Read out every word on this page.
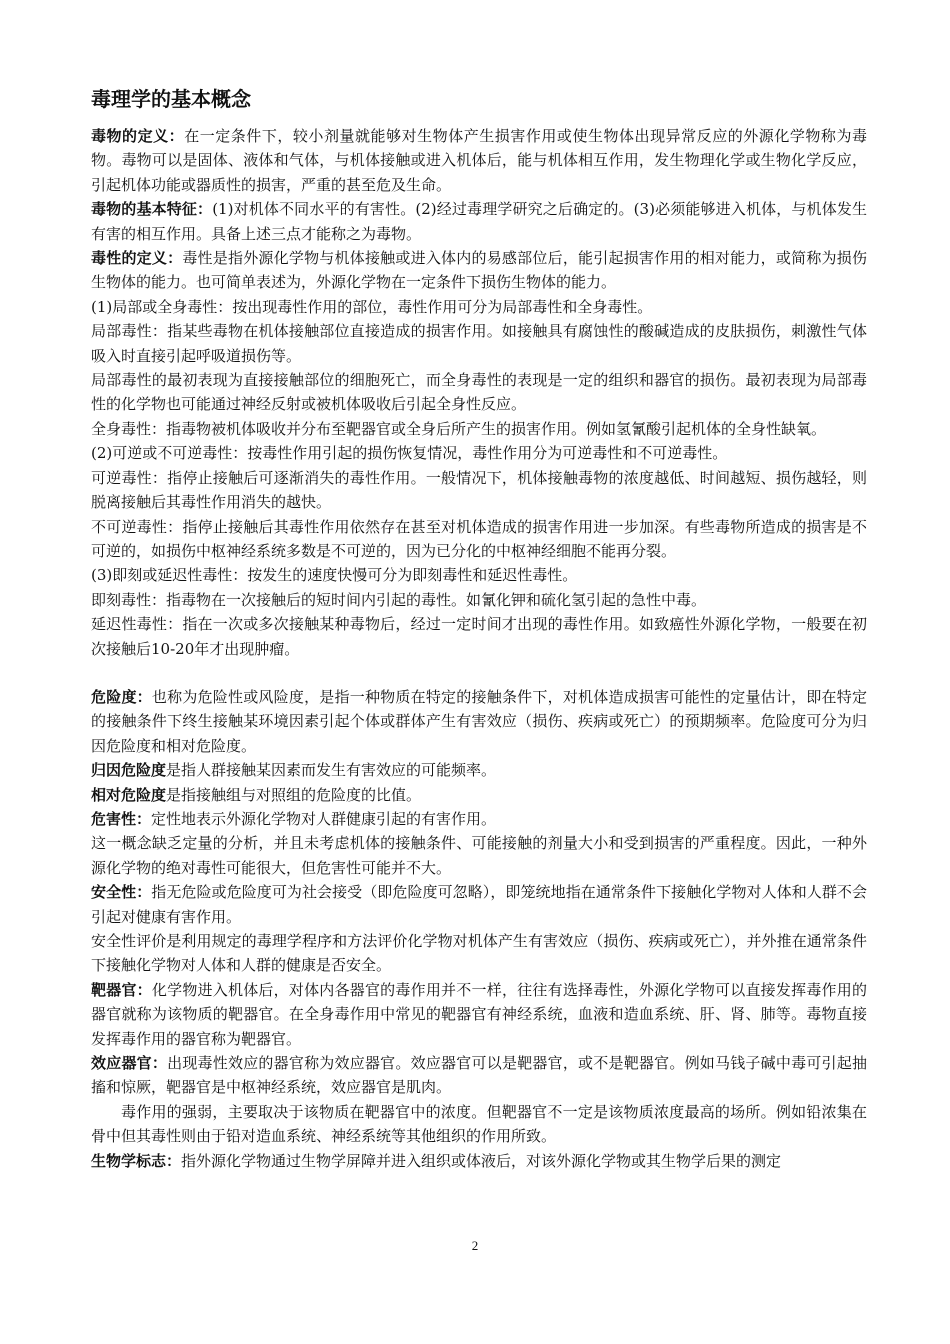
毒理学的基本概念

毒物的定义：在一定条件下，较小剂量就能够对生物体产生损害作用或使生物体出现异常反应的外源化学物称为毒物。毒物可以是固体、液体和气体，与机体接触或进入机体后，能与机体相互作用，发生物理化学或生物化学反应，引起机体功能或器质性的损害，严重的甚至危及生命。

毒物的基本特征：(1)对机体不同水平的有害性。(2)经过毒理学研究之后确定的。(3)必须能够进入机体，与机体发生有害的相互作用。具备上述三点才能称之为毒物。

毒性的定义：毒性是指外源化学物与机体接触或进入体内的易感部位后，能引起损害作用的相对能力，或简称为损伤生物体的能力。也可简单表述为，外源化学物在一定条件下损伤生物体的能力。

(1)局部或全身毒性：按出现毒性作用的部位，毒性作用可分为局部毒性和全身毒性。

局部毒性：指某些毒物在机体接触部位直接造成的损害作用。如接触具有腐蚀性的酸碱造成的皮肤损伤，刺激性气体吸入时直接引起呼吸道损伤等。

局部毒性的最初表现为直接接触部位的细胞死亡，而全身毒性的表现是一定的组织和器官的损伤。最初表现为局部毒性的化学物也可能通过神经反射或被机体吸收后引起全身性反应。

全身毒性：指毒物被机体吸收并分布至靶器官或全身后所产生的损害作用。例如氢氰酸引起机体的全身性缺氧。

(2)可逆或不可逆毒性：按毒性作用引起的损伤恢复情况，毒性作用分为可逆毒性和不可逆毒性。

可逆毒性：指停止接触后可逐渐消失的毒性作用。一般情况下，机体接触毒物的浓度越低、时间越短、损伤越轻，则脱离接触后其毒性作用消失的越快。

不可逆毒性：指停止接触后其毒性作用依然存在甚至对机体造成的损害作用进一步加深。有些毒物所造成的损害是不可逆的，如损伤中枢神经系统多数是不可逆的，因为已分化的中枢神经细胞不能再分裂。

(3)即刻或延迟性毒性：按发生的速度快慢可分为即刻毒性和延迟性毒性。

即刻毒性：指毒物在一次接触后的短时间内引起的毒性。如氰化钾和硫化氢引起的急性中毒。

延迟性毒性：指在一次或多次接触某种毒物后，经过一定时间才出现的毒性作用。如致癌性外源化学物，一般要在初次接触后10-20年才出现肿瘤。

危险度：也称为危险性或风险度，是指一种物质在特定的接触条件下，对机体造成损害可能性的定量估计，即在特定的接触条件下终生接触某环境因素引起个体或群体产生有害效应（损伤、疾病或死亡）的预期频率。危险度可分为归因危险度和相对危险度。

归因危险度是指人群接触某因素而发生有害效应的可能频率。

相对危险度是指接触组与对照组的危险度的比值。

危害性：定性地表示外源化学物对人群健康引起的有害作用。

这一概念缺乏定量的分析，并且未考虑机体的接触条件、可能接触的剂量大小和受到损害的严重程度。因此，一种外源化学物的绝对毒性可能很大，但危害性可能并不大。

安全性：指无危险或危险度可为社会接受（即危险度可忽略），即笼统地指在通常条件下接触化学物对人体和人群不会引起对健康有害作用。

安全性评价是利用规定的毒理学程序和方法评价化学物对机体产生有害效应（损伤、疾病或死亡），并外推在通常条件下接触化学物对人体和人群的健康是否安全。

靶器官：化学物进入机体后，对体内各器官的毒作用并不一样，往往有选择毒性，外源化学物可以直接发挥毒作用的器官就称为该物质的靶器官。在全身毒作用中常见的靶器官有神经系统，血液和造血系统、肝、肾、肺等。毒物直接发挥毒作用的器官称为靶器官。

效应器官：出现毒性效应的器官称为效应器官。效应器官可以是靶器官，或不是靶器官。例如马钱子碱中毒可引起抽搐和惊厥，靶器官是中枢神经系统，效应器官是肌肉。

毒作用的强弱，主要取决于该物质在靶器官中的浓度。但靶器官不一定是该物质浓度最高的场所。例如铅浓集在骨中但其毒性则由于铅对造血系统、神经系统等其他组织的作用所致。

生物学标志：指外源化学物通过生物学屏障并进入组织或体液后，对该外源化学物或其生物学后果的测定

2
